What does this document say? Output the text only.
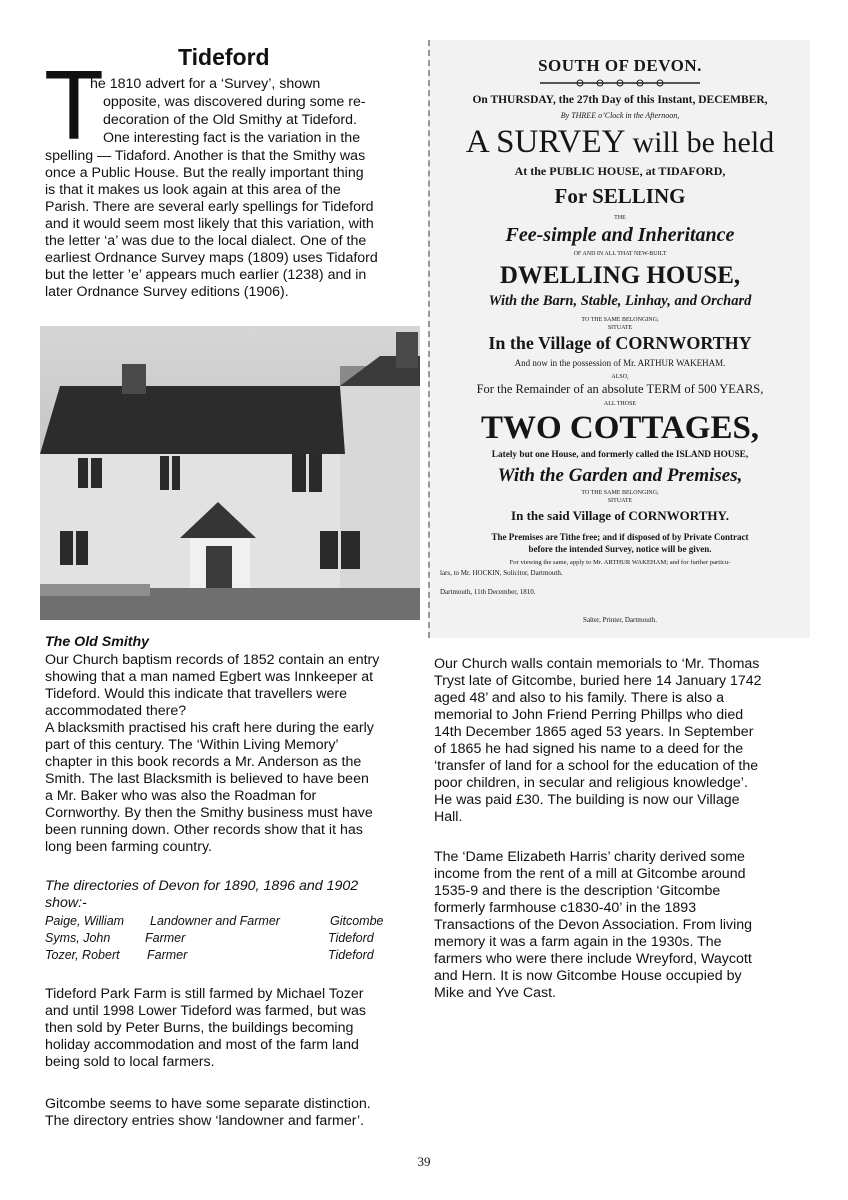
Tideford
T
he 1810 advert for a ‘Survey’, shown
opposite, was discovered during some re-
decoration of the Old Smithy at Tideford.
One interesting fact is the variation in the
spelling — Tidaford. Another is that the Smithy was
once a Public House. But the really important thing
is that it makes us look again at this area of the
Parish. There are several early spellings for Tideford
and it would seem most likely that this variation, with
the letter ‘a’ was due to the local dialect. One of the
earliest Ordnance Survey maps (1809) uses Tidaford
but the letter ’e’ appears much earlier (1238) and in
later Ordnance Survey editions (1906).
SOUTH OF DEVON.
On THURSDAY, the 27th Day of this Instant, DECEMBER,
By THREE o’Clock in the Afternoon,
A SURVEY will be held
At the PUBLIC HOUSE, at TIDAFORD,
For SELLING
THE
Fee-simple and Inheritance
OF AND IN ALL THAT NEW-BUILT
DWELLING HOUSE,
With the Barn, Stable, Linhay, and Orchard
TO THE SAME BELONGING;
SITUATE
In the Village of CORNWORTHY
And now in the possession of Mr. ARTHUR WAKEHAM.
ALSO,
For the Remainder of an absolute TERM of 500 YEARS,
ALL THOSE
TWO COTTAGES,
Lately but one House, and formerly called the ISLAND HOUSE,
With the Garden and Premises,
TO THE SAME BELONGING;
SITUATE
In the said Village of CORNWORTHY.
The Premises are Tithe free; and if disposed of by Private Contract
before the intended Survey, notice will be given.
For viewing the same, apply to Mr. ARTHUR WAKEHAM; and for further particu-
lars, to Mr. HOCKIN, Solicitor, Dartmouth.
Dartmouth, 11th December, 1810.
Salter, Printer, Dartmouth.
The Old Smithy
Our Church baptism records of 1852 contain an entry
showing that a man named Egbert was Innkeeper at
Tideford. Would this indicate that travellers were
accommodated there?
A blacksmith practised his craft here during the early
part of this century. The ‘Within Living Memory’
chapter in this book records a Mr. Anderson as the
Smith. The last Blacksmith is believed to have been
a Mr. Baker who was also the Roadman for
Cornworthy. By then the Smithy business must have
been running down. Other records show that it has
long been farming country.
The directories of Devon for 1890, 1896 and 1902
show:-
Paige, William Landowner and Farmer	Gitcombe
Syms, John	Farmer	Tideford
Tozer, Robert Farmer	Tideford
Tideford Park Farm is still farmed by Michael Tozer
and until 1998 Lower Tideford was farmed, but was
then sold by Peter Burns, the buildings becoming
holiday accommodation and most of the farm land
being sold to local farmers.
Gitcombe seems to have some separate distinction.
The directory entries show ‘landowner and farmer’.
Our Church walls contain memorials to ‘Mr. Thomas
Tryst late of Gitcombe, buried here 14 January 1742
aged 48’ and also to his family. There is also a
memorial to John Friend Perring Phillps who died
14th December 1865 aged 53 years. In September
of 1865 he had signed his name to a deed for the
‘transfer of land for a school for the education of the
poor children, in secular and religious knowledge’.
He was paid £30. The building is now our Village
Hall.
The ‘Dame Elizabeth Harris’ charity derived some
income from the rent of a mill at Gitcombe around
1535-9 and there is the description ‘Gitcombe
formerly farmhouse c1830-40’ in the 1893
Transactions of the Devon Association. From living
memory it was a farm again in the 1930s. The
farmers who were there include Wreyford, Waycott
and Hern. It is now Gitcombe House occupied by
Mike and Yve Cast.
39
